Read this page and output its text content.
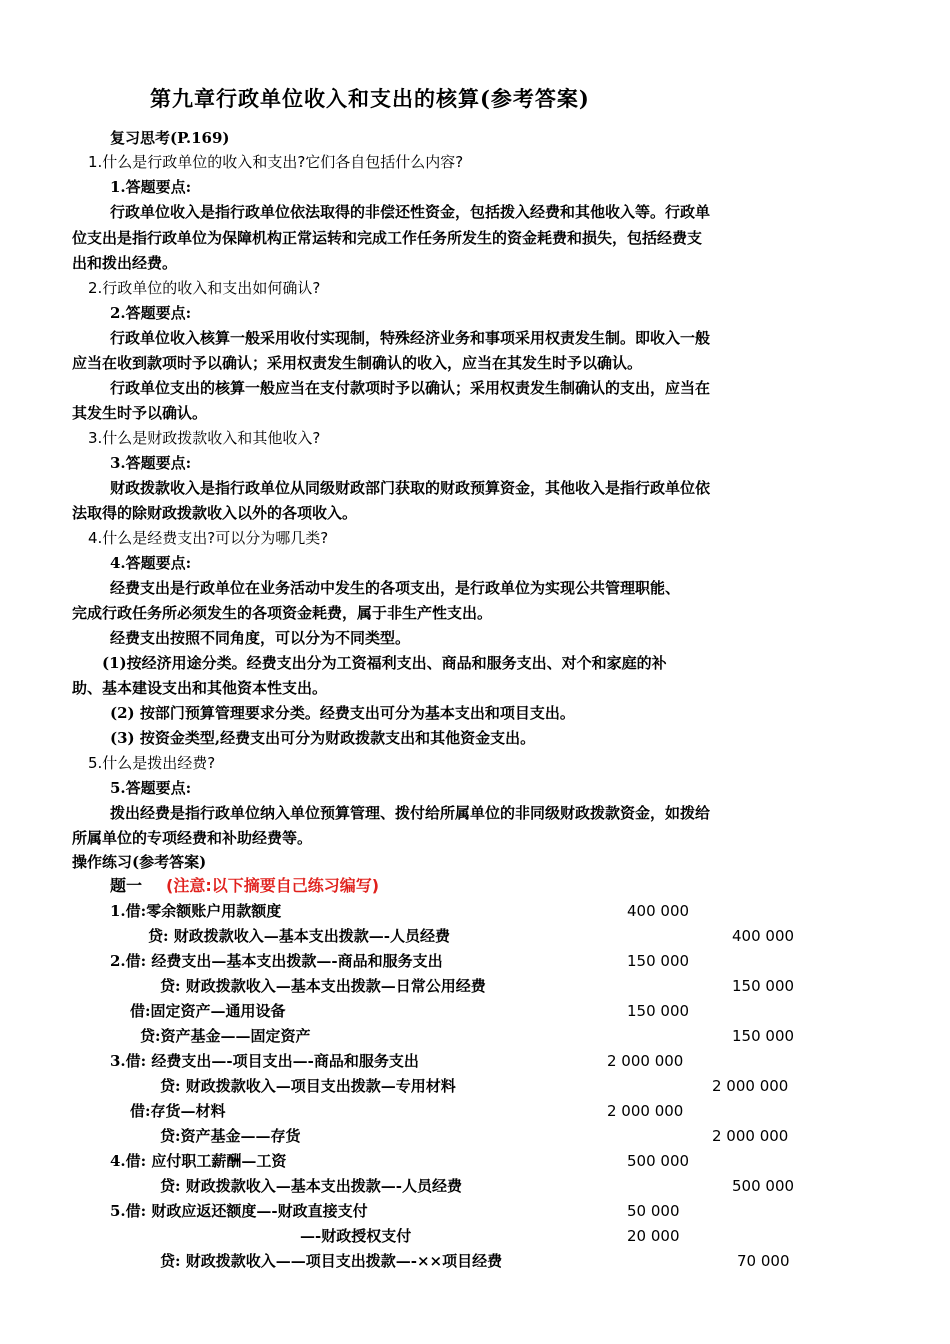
第九章行政单位收入和支出的核算(参考答案)
复习思考(P.169)
1.什么是行政单位的收入和支出?它们各自包括什么内容?
1.答题要点:
行政单位收入是指行政单位依法取得的非偿还性资金，包括拨入经费和其他收入等。行政单
位支出是指行政单位为保障机构正常运转和完成工作任务所发生的资金耗费和损失，包括经费支
出和拨出经费。
2.行政单位的收入和支出如何确认?
2.答题要点:
行政单位收入核算一般采用收付实现制，特殊经济业务和事项采用权责发生制。即收入一般
应当在收到款项时予以确认；采用权责发生制确认的收入，应当在其发生时予以确认。
行政单位支出的核算一般应当在支付款项时予以确认；采用权责发生制确认的支出，应当在
其发生时予以确认。
3.什么是财政拨款收入和其他收入?
3.答题要点:
财政拨款收入是指行政单位从同级财政部门获取的财政预算资金，其他收入是指行政单位依
法取得的除财政拨款收入以外的各项收入。
4.什么是经费支出?可以分为哪几类?
4.答题要点:
经费支出是行政单位在业务活动中发生的各项支出，是行政单位为实现公共管理职能、
完成行政任务所必须发生的各项资金耗费，属于非生产性支出。
经费支出按照不同角度，可以分为不同类型。
(1)按经济用途分类。经费支出分为工资福利支出、商品和服务支出、对个和家庭的补
助、基本建设支出和其他资本性支出。
(2) 按部门预算管理要求分类。经费支出可分为基本支出和项目支出。
(3) 按资金类型,经费支出可分为财政拨款支出和其他资金支出。
5.什么是拨出经费?
5.答题要点:
拨出经费是指行政单位纳入单位预算管理、拨付给所属单位的非同级财政拨款资金，如拨给
所属单位的专项经费和补助经费等。
操作练习(参考答案)
题一 (注意:以下摘要自己练习编写)
1.借:零余额账户用款额度	400 000
贷: 财政拨款收入—基本支出拨款—-人员经费	400 000
2.借: 经费支出—基本支出拨款—-商品和服务支出	150 000
贷: 财政拨款收入—基本支出拨款—日常公用经费	150 000
借:固定资产—通用设备	150 000
贷:资产基金——固定资产	150 000
3.借: 经费支出—-项目支出—-商品和服务支出	2 000 000
贷: 财政拨款收入—项目支出拨款—专用材料	2 000 000
借:存货—材料	2 000 000
贷:资产基金——存货	2 000 000
4.借: 应付职工薪酬—工资	500 000
贷: 财政拨款收入—基本支出拨款—-人员经费	500 000
5.借: 财政应返还额度—-财政直接支付	50 000
—-财政授权支付	20 000
贷: 财政拨款收入——项目支出拨款—-××项目经费	70 000
